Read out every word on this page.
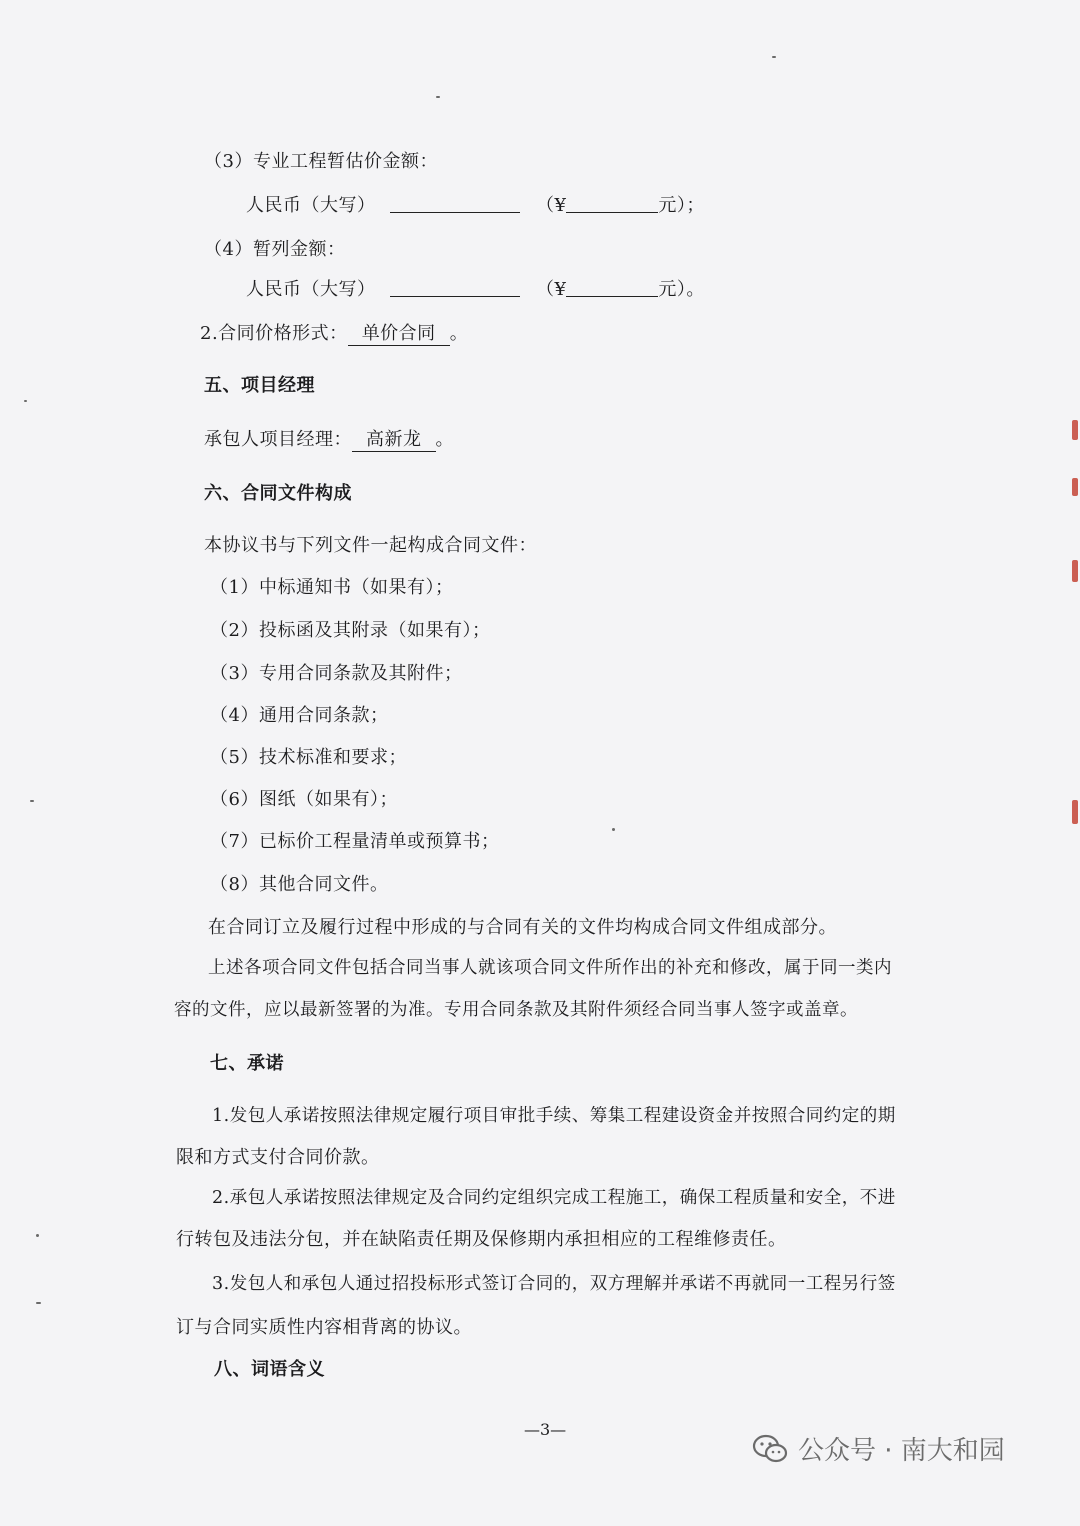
（3）专业工程暂估价金额：
人民币（大写）	（¥	元）；
（4）暂列金额：
人民币（大写）	（¥	元）。
2.合同价格形式： 单价合同 。
五、项目经理
承包人项目经理： 高新龙 。
六、合同文件构成
本协议书与下列文件一起构成合同文件：
（1）中标通知书（如果有）；
（2）投标函及其附录（如果有）；
（3）专用合同条款及其附件；
（4）通用合同条款；
（5）技术标准和要求；
（6）图纸（如果有）；
（7）已标价工程量清单或预算书；
（8）其他合同文件。
在合同订立及履行过程中形成的与合同有关的文件均构成合同文件组成部分。
上述各项合同文件包括合同当事人就该项合同文件所作出的补充和修改，属于同一类内
容的文件，应以最新签署的为准。专用合同条款及其附件须经合同当事人签字或盖章。
七、承诺
1.发包人承诺按照法律规定履行项目审批手续、筹集工程建设资金并按照合同约定的期
限和方式支付合同价款。
2.承包人承诺按照法律规定及合同约定组织完成工程施工，确保工程质量和安全，不进
行转包及违法分包，并在缺陷责任期及保修期内承担相应的工程维修责任。
3.发包人和承包人通过招投标形式签订合同的，双方理解并承诺不再就同一工程另行签
订与合同实质性内容相背离的协议。
八、词语含义
—3—
公众号 · 南大和园
